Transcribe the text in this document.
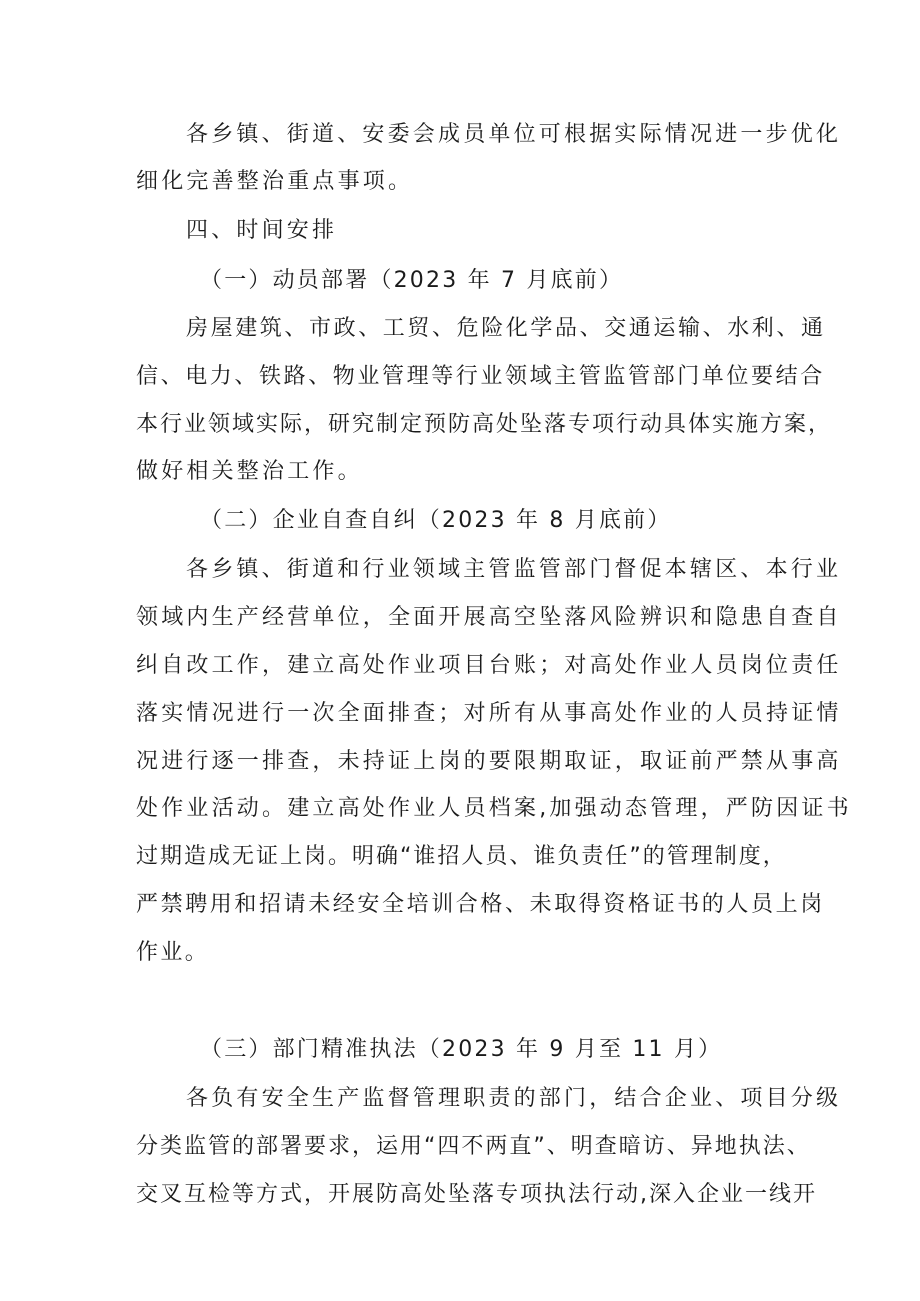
各乡镇、街道、安委会成员单位可根据实际情况进一步优化
细化完善整治重点事项。
四、时间安排
（一）动员部署（2023 年 7 月底前）
房屋建筑、市政、工贸、危险化学品、交通运输、水利、通
信、电力、铁路、物业管理等行业领域主管监管部门单位要结合
本行业领域实际，研究制定预防高处坠落专项行动具体实施方案，
做好相关整治工作。
（二）企业自查自纠（2023 年 8 月底前）
各乡镇、街道和行业领域主管监管部门督促本辖区、本行业
领域内生产经营单位，全面开展高空坠落风险辨识和隐患自查自
纠自改工作，建立高处作业项目台账；对高处作业人员岗位责任
落实情况进行一次全面排查；对所有从事高处作业的人员持证情
况进行逐一排查，未持证上岗的要限期取证，取证前严禁从事高
处作业活动。建立高处作业人员档案,加强动态管理，严防因证书
过期造成无证上岗。明确“谁招人员、谁负责任”的管理制度，
严禁聘用和招请未经安全培训合格、未取得资格证书的人员上岗
作业。
（三）部门精准执法（2023 年 9 月至 11 月）
各负有安全生产监督管理职责的部门，结合企业、项目分级
分类监管的部署要求，运用“四不两直”、明查暗访、异地执法、
交叉互检等方式，开展防高处坠落专项执法行动,深入企业一线开
